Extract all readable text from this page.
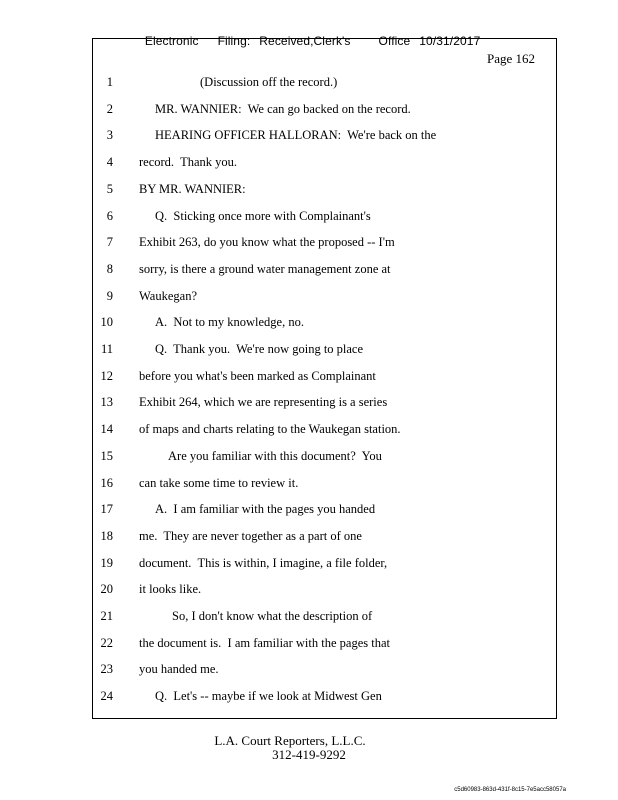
Electronic Filing: Received,Clerk's Office 10/31/2017

Page 162
1	(Discussion off the record.)
2	MR. WANNIER:  We can go backed on the record.
3	HEARING OFFICER HALLORAN:  We're back on the
4 record.  Thank you.
5 BY MR. WANNIER:
6	Q.  Sticking once more with Complainant's
7 Exhibit 263, do you know what the proposed -- I'm
8 sorry, is there a ground water management zone at
9 Waukegan?
10	A.  Not to my knowledge, no.
11	Q.  Thank you.  We're now going to place
12 before you what's been marked as Complainant
13 Exhibit 264, which we are representing is a series
14 of maps and charts relating to the Waukegan station.
15	Are you familiar with this document?  You
16 can take some time to review it.
17	A.  I am familiar with the pages you handed
18 me.  They are never together as a part of one
19 document.  This is within, I imagine, a file folder,
20 it looks like.
21	So, I don't know what the description of
22 the document is.  I am familiar with the pages that
23 you handed me.
24	Q.  Let's -- maybe if we look at Midwest Gen
L.A. Court Reporters, L.L.C.
312-419-9292
c5d60983-863d-431f-8c15-7e5acc58057a
